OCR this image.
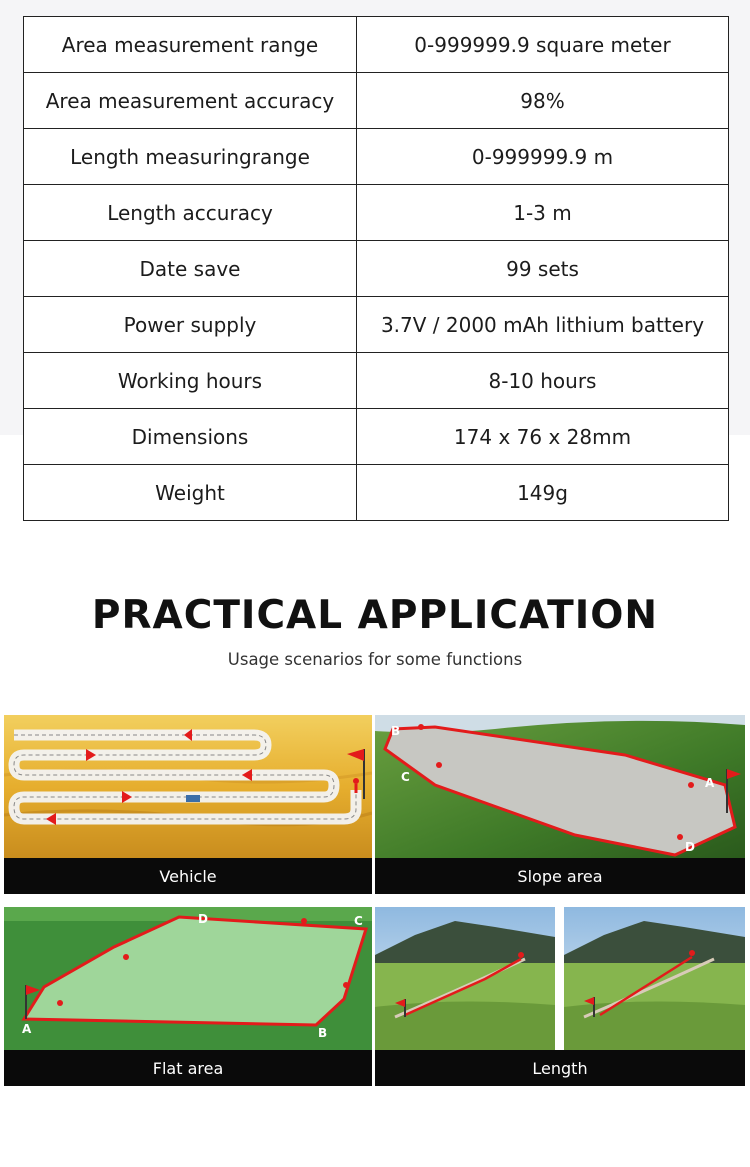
Area measurement range	0-999999.9 square meter
Area measurement accuracy	98%
Length measuringrange	0-999999.9 m
Length accuracy	1-3 m
Date save	99 sets
Power supply	3.7V / 2000 mAh lithium battery
Working hours	8-10 hours
Dimensions	174 x 76 x 28mm
Weight	149g
PRACTICAL APPLICATION
Usage scenarios for some functions
Vehicle
B
C	A
D
Slope area
A	B
C
D
Flat area	Length
